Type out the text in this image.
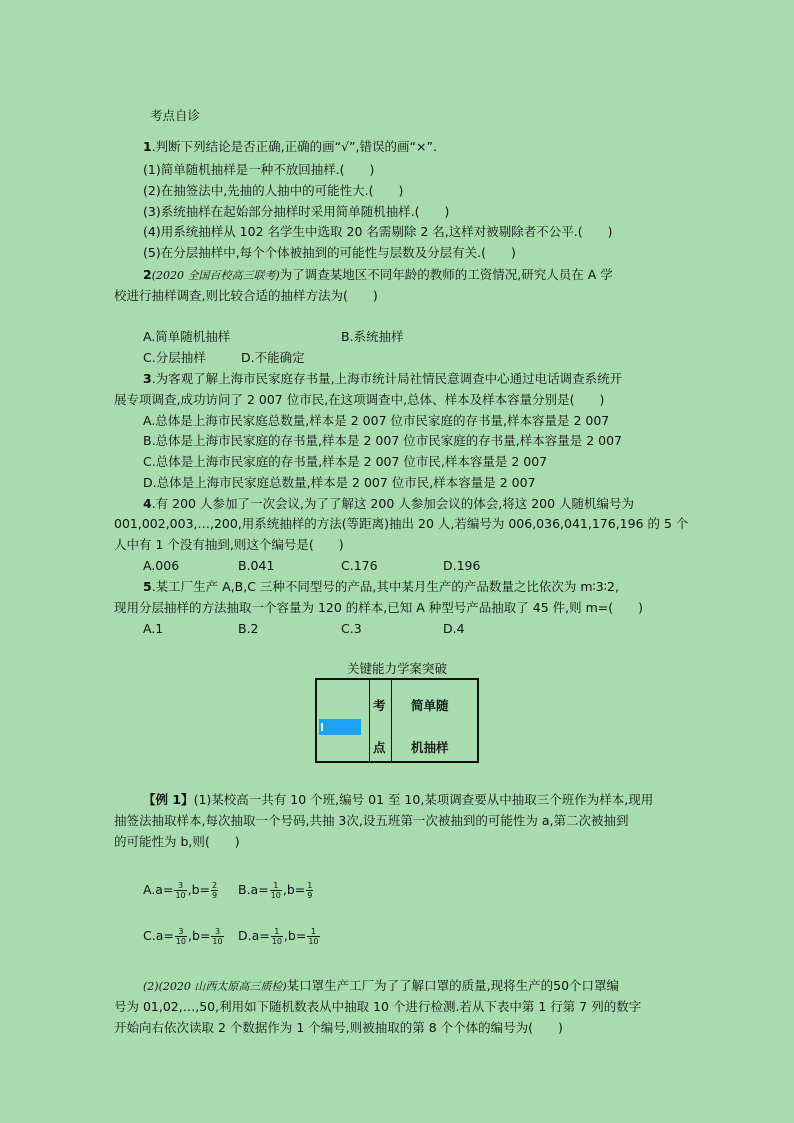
考点自诊
1.判断下列结论是否正确,正确的画“√”,错误的画“×”.
(1)简单随机抽样是一种不放回抽样.(　　)
(2)在抽签法中,先抽的人抽中的可能性大.(　　)
(3)系统抽样在起始部分抽样时采用简单随机抽样.(　　)
(4)用系统抽样从 102 名学生中选取 20 名需剔除 2 名,这样对被剔除者不公平.(　　)
(5)在分层抽样中,每个个体被抽到的可能性与层数及分层有关.(　　)
2(2020 全国百校高三联考)为了调查某地区不同年龄的教师的工资情况,研究人员在 A 学
校进行抽样调查,则比较合适的抽样方法为(　　)
A.简单随机抽样	B.系统抽样
C.分层抽样	D.不能确定
3.为客观了解上海市民家庭存书量,上海市统计局社情民意调查中心通过电话调查系统开
展专项调查,成功访问了 2 007 位市民,在这项调查中,总体、样本及样本容量分别是(　　)
A.总体是上海市民家庭总数量,样本是 2 007 位市民家庭的存书量,样本容量是 2 007
B.总体是上海市民家庭的存书量,样本是 2 007 位市民家庭的存书量,样本容量是 2 007
C.总体是上海市民家庭的存书量,样本是 2 007 位市民,样本容量是 2 007
D.总体是上海市民家庭总数量,样本是 2 007 位市民,样本容量是 2 007
4.有 200 人参加了一次会议,为了了解这 200 人参加会议的体会,将这 200 人随机编号为
001,002,003,…,200,用系统抽样的方法(等距离)抽出 20 人,若编号为 006,036,041,176,196 的 5 个
人中有 1 个没有抽到,则这个编号是(　　)
A.006	B.041	C.176	D.196
5.某工厂生产 A,B,C 三种不同型号的产品,其中某月生产的产品数量之比依次为 m∶3∶2,
现用分层抽样的方法抽取一个容量为 120 的样本,已知 A 种型号产品抽取了 45 件,则 m=(　　)
A.1	B.2	C.3	D.4
关键能力学案突破
考
点
简单随
机抽样
【例 1】(1)某校高一共有 10 个班,编号 01 至 10,某项调查要从中抽取三个班作为样本,现用
抽签法抽取样本,每次抽取一个号码,共抽 3次,设五班第一次被抽到的可能性为 a,第二次被抽到
的可能性为 b,则(　　)
$A.a= \frac{3}{10} ,b= \frac{2}{9} B.a= \frac{1}{10} ,b= \frac{1}{9}$
$C.a= \frac{3}{10} ,b= \frac{3}{10} D.a= \frac{1}{10} ,b= \frac{1}{10}$
(2)(2020 山西太原高三质检)某口罩生产工厂为了了解口罩的质量,现将生产的50个口罩编
号为 01,02,…,50,利用如下随机数表从中抽取 10 个进行检测.若从下表中第 1 行第 7 列的数字
开始向右依次读取 2 个数据作为 1 个编号,则被抽取的第 8 个个体的编号为(　　)
